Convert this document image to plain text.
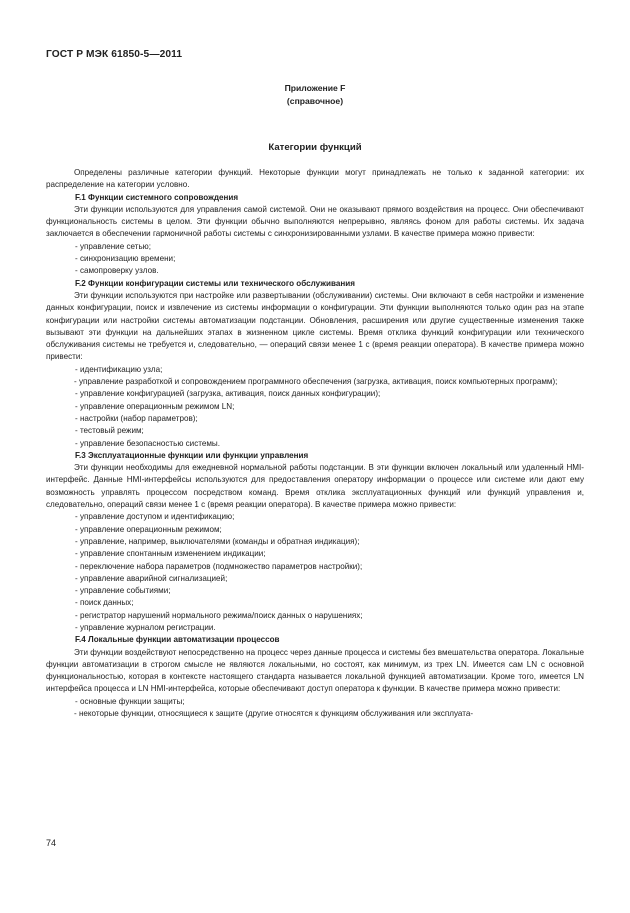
ГОСТ Р МЭК 61850-5—2011
Приложение F
(справочное)
Категории функций

Определены различные категории функций. Некоторые функции могут принадлежать не только к заданной категории: их распределение на категории условно.

F.1 Функции системного сопровождения

Эти функции используются для управления самой системой. Они не оказывают прямого воздействия на процесс. Они обеспечивают функциональность системы в целом. Эти функции обычно выполняются непрерывно, являясь фоном для работы системы. Их задача заключается в обеспечении гармоничной работы системы с синхронизированными узлами. В качестве примера можно привести:

- управление сетью;

- синхронизацию времени;

- самопроверку узлов.

F.2 Функции конфигурации системы или технического обслуживания

Эти функции используются при настройке или развертывании (обслуживании) системы. Они включают в себя настройки и изменение данных конфигурации, поиск и извлечение из системы информации о конфигурации. Эти функции выполняются только один раз на этапе конфигурации или настройки системы автоматизации подстанции. Обновления, расширения или другие существенные изменения также вызывают эти функции на дальнейших этапах в жизненном цикле системы. Время отклика функций конфигурации или технического обслуживания системы не требуется и, следовательно, — операций связи менее 1 с (время реакции оператора). В качестве примера можно привести:

- идентификацию узла;

- управление разработкой и сопровождением программного обеспечения (загрузка, активация, поиск компьютерных программ);

- управление конфигурацией (загрузка, активация, поиск данных конфигурации);

- управление операционным режимом LN;

- настройки (набор параметров);

- тестовый режим;

- управление безопасностью системы.

F.3 Эксплуатационные функции или функции управления

Эти функции необходимы для ежедневной нормальной работы подстанции. В эти функции включен локальный или удаленный HMI-интерфейс. Данные HMI-интерфейсы используются для предоставления оператору информации о процессе или системе или дают ему возможность управлять процессом посредством команд. Время отклика эксплуатационных функций или функций управления и, следовательно, операций связи менее 1 с (время реакции оператора). В качестве примера можно привести:

- управление доступом и идентификацию;

- управление операционным режимом;

- управление, например, выключателями (команды и обратная индикация);

- управление спонтанным изменением индикации;

- переключение набора параметров (подмножество параметров настройки);

- управление аварийной сигнализацией;

- управление событиями;

- поиск данных;

- регистратор нарушений нормального режима/поиск данных о нарушениях;

- управление журналом регистрации.

F.4 Локальные функции автоматизации процессов

Эти функции воздействуют непосредственно на процесс через данные процесса и системы без вмешательства оператора. Локальные функции автоматизации в строгом смысле не являются локальными, но состоят, как минимум, из трех LN. Имеется сам LN с основной функциональностью, которая в контексте настоящего стандарта называется локальной функцией автоматизации. Кроме того, имеется LN интерфейса процесса и LN HMI-интерфейса, которые обеспечивают доступ оператора к функции. В качестве примера можно привести:

- основные функции защиты;

- некоторые функции, относящиеся к защите (другие относятся к функциям обслуживания или эксплуата-

74
